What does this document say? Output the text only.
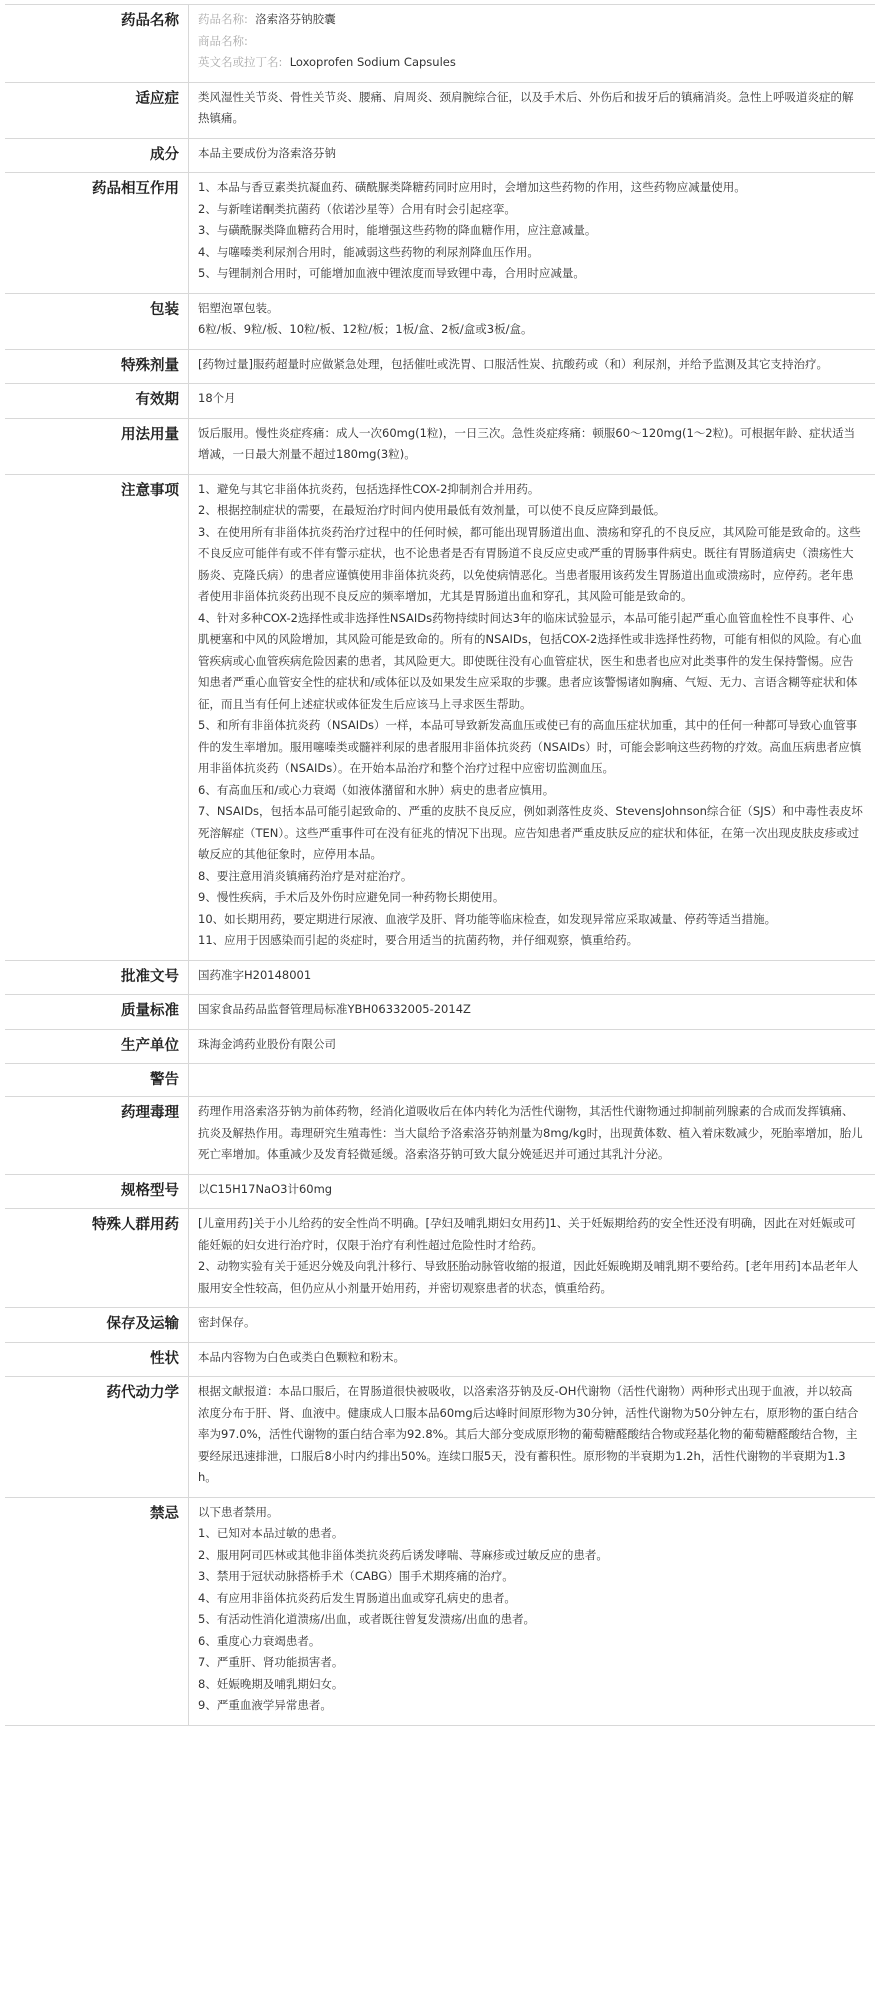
药品名称	药品名称: 洛索洛芬钠胶囊
商品名称:
英文名或拉丁名: Loxoprofen Sodium Capsules
适应症	类风湿性关节炎、骨性关节炎、腰痛、肩周炎、颈肩腕综合征，以及手术后、外伤后和拔牙后的镇痛消炎。急性上呼吸道炎症的解热镇痛。
成分	本品主要成份为洛索洛芬钠
药品相互作用	1、本品与香豆素类抗凝血药、磺酰脲类降糖药同时应用时，会增加这些药物的作用，这些药物应减量使用。
2、与新喹诺酮类抗菌药（依诺沙星等）合用有时会引起痉挛。
3、与磺酰脲类降血糖药合用时，能增强这些药物的降血糖作用，应注意减量。
4、与噻嗪类利尿剂合用时，能减弱这些药物的利尿剂降血压作用。
5、与锂制剂合用时，可能增加血液中锂浓度而导致锂中毒，合用时应减量。
包装	铝塑泡罩包装。
6粒/板、9粒/板、10粒/板、12粒/板；1板/盒、2板/盒或3板/盒。
特殊剂量	[药物过量]服药超量时应做紧急处理，包括催吐或洗胃、口服活性炭、抗酸药或（和）利尿剂，并给予监测及其它支持治疗。
有效期	18个月
用法用量	饭后服用。慢性炎症疼痛：成人一次60mg(1粒)，一日三次。急性炎症疼痛：顿服60～120mg(1～2粒)。可根据年龄、症状适当增减，一日最大剂量不超过180mg(3粒)。
注意事项	1、避免与其它非甾体抗炎药，包括选择性COX-2抑制剂合并用药。
2、根据控制症状的需要，在最短治疗时间内使用最低有效剂量，可以使不良反应降到最低。
3、在使用所有非甾体抗炎药治疗过程中的任何时候，都可能出现胃肠道出血、溃疡和穿孔的不良反应，其风险可能是致命的。这些不良反应可能伴有或不伴有警示症状，也不论患者是否有胃肠道不良反应史或严重的胃肠事件病史。既往有胃肠道病史（溃疡性大肠炎、克隆氏病）的患者应谨慎使用非甾体抗炎药，以免使病情恶化。当患者服用该药发生胃肠道出血或溃疡时，应停药。老年患者使用非甾体抗炎药出现不良反应的频率增加，尤其是胃肠道出血和穿孔，其风险可能是致命的。
4、针对多种COX-2选择性或非选择性NSAIDs药物持续时间达3年的临床试验显示，本品可能引起严重心血管血栓性不良事件、心肌梗塞和中风的风险增加，其风险可能是致命的。所有的NSAIDs，包括COX-2选择性或非选择性药物，可能有相似的风险。有心血管疾病或心血管疾病危险因素的患者，其风险更大。即使既往没有心血管症状，医生和患者也应对此类事件的发生保持警惕。应告知患者严重心血管安全性的症状和/或体征以及如果发生应采取的步骤。患者应该警惕诸如胸痛、气短、无力、言语含糊等症状和体征，而且当有任何上述症状或体征发生后应该马上寻求医生帮助。
5、和所有非甾体抗炎药（NSAIDs）一样，本品可导致新发高血压或使已有的高血压症状加重，其中的任何一种都可导致心血管事件的发生率增加。服用噻嗪类或髓袢利尿的患者服用非甾体抗炎药（NSAIDs）时，可能会影响这些药物的疗效。高血压病患者应慎用非甾体抗炎药（NSAIDs）。在开始本品治疗和整个治疗过程中应密切监测血压。
6、有高血压和/或心力衰竭（如液体潴留和水肿）病史的患者应慎用。
7、NSAIDs，包括本品可能引起致命的、严重的皮肤不良反应，例如剥落性皮炎、StevensJohnson综合征（SJS）和中毒性表皮坏死溶解症（TEN）。这些严重事件可在没有征兆的情况下出现。应告知患者严重皮肤反应的症状和体征，在第一次出现皮肤皮疹或过敏反应的其他征象时，应停用本品。
8、要注意用消炎镇痛药治疗是对症治疗。
9、慢性疾病，手术后及外伤时应避免同一种药物长期使用。
10、如长期用药，要定期进行尿液、血液学及肝、肾功能等临床检查，如发现异常应采取减量、停药等适当措施。
11、应用于因感染而引起的炎症时，要合用适当的抗菌药物，并仔细观察，慎重给药。
批准文号	国药准字H20148001
质量标准	国家食品药品监督管理局标准YBH06332005-2014Z
生产单位	珠海金鸿药业股份有限公司
警告
药理毒理	药理作用洛索洛芬钠为前体药物，经消化道吸收后在体内转化为活性代谢物，其活性代谢物通过抑制前列腺素的合成而发挥镇痛、抗炎及解热作用。毒理研究生殖毒性：当大鼠给予洛索洛芬钠剂量为8mg/kg时，出现黄体数、植入着床数减少，死胎率增加，胎儿死亡率增加。体重减少及发育轻微延缓。洛索洛芬钠可致大鼠分娩延迟并可通过其乳汁分泌。
规格型号	以C15H17NaO3计60mg
特殊人群用药	[儿童用药]关于小儿给药的安全性尚不明确。[孕妇及哺乳期妇女用药]1、关于妊娠期给药的安全性还没有明确，因此在对妊娠或可能妊娠的妇女进行治疗时，仅限于治疗有利性超过危险性时才给药。
2、动物实验有关于延迟分娩及向乳汁移行、导致胚胎动脉管收缩的报道，因此妊娠晚期及哺乳期不要给药。[老年用药]本品老年人服用安全性较高，但仍应从小剂量开始用药，并密切观察患者的状态，慎重给药。
保存及运输	密封保存。
性状	本品内容物为白色或类白色颗粒和粉末。
药代动力学	根据文献报道：本品口服后，在胃肠道很快被吸收，以洛索洛芬钠及反-OH代谢物（活性代谢物）两种形式出现于血液，并以较高浓度分布于肝、肾、血液中。健康成人口服本品60mg后达峰时间原形物为30分钟，活性代谢物为50分钟左右，原形物的蛋白结合率为97.0%，活性代谢物的蛋白结合率为92.8%。其后大部分变成原形物的葡萄糖醛酸结合物或羟基化物的葡萄糖醛酸结合物，主要经尿迅速排泄，口服后8小时内约排出50%。连续口服5天，没有蓄积性。原形物的半衰期为1.2h，活性代谢物的半衰期为1.3h。
禁忌	以下患者禁用。
1、已知对本品过敏的患者。
2、服用阿司匹林或其他非甾体类抗炎药后诱发哮喘、荨麻疹或过敏反应的患者。
3、禁用于冠状动脉搭桥手术（CABG）围手术期疼痛的治疗。
4、有应用非甾体抗炎药后发生胃肠道出血或穿孔病史的患者。
5、有活动性消化道溃疡/出血，或者既往曾复发溃疡/出血的患者。
6、重度心力衰竭患者。
7、严重肝、肾功能损害者。
8、妊娠晚期及哺乳期妇女。
9、严重血液学异常患者。
